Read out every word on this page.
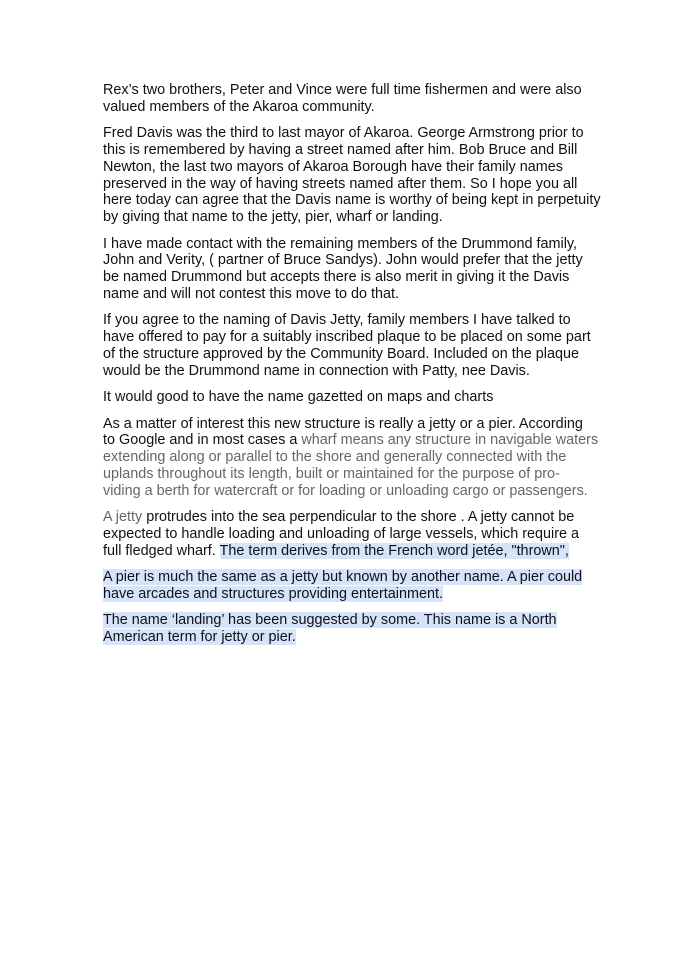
Rex’s two brothers, Peter and Vince were full time fishermen and were also
valued members of the Akaroa community.
Fred Davis was the third to last mayor of Akaroa. George Armstrong prior to
this is remembered by having a street named after him. Bob Bruce and Bill
Newton, the last two mayors of Akaroa Borough have their family names
preserved in the way of having streets named after them. So I hope you all
here today can agree that the Davis name is worthy of being kept in perpetuity
by giving that name to the jetty, pier, wharf or landing.
I have made contact with the remaining members of the Drummond family,
John and Verity, ( partner of Bruce Sandys). John would prefer that the jetty
be named Drummond but accepts there is also merit in giving it the Davis
name and will not contest this move to do that.
If you agree to the naming of Davis Jetty, family members I have talked to
have offered to pay for a suitably inscribed plaque to be placed on some part
of the structure approved by the Community Board. Included on the plaque
would be the Drummond name in connection with Patty, nee Davis.
It would good to have the name gazetted on maps and charts
As a matter of interest this new structure is really a jetty or a pier. According
to Google and in most cases a wharf means any structure in navigable waters
extending along or parallel to the shore and generally connected with the
uplands throughout its length, built or maintained for the purpose of pro-
viding a berth for watercraft or for loading or unloading cargo or passengers.
A jetty protrudes into the sea perpendicular to the shore . A jetty cannot be
expected to handle loading and unloading of large vessels, which require a
full fledged wharf. The term derives from the French word jetée, "thrown",
A pier is much the same as a jetty but known by another name. A pier could
have arcades and structures providing entertainment.
The name ‘landing’ has been suggested by some. This name is a North
American term for jetty or pier.
